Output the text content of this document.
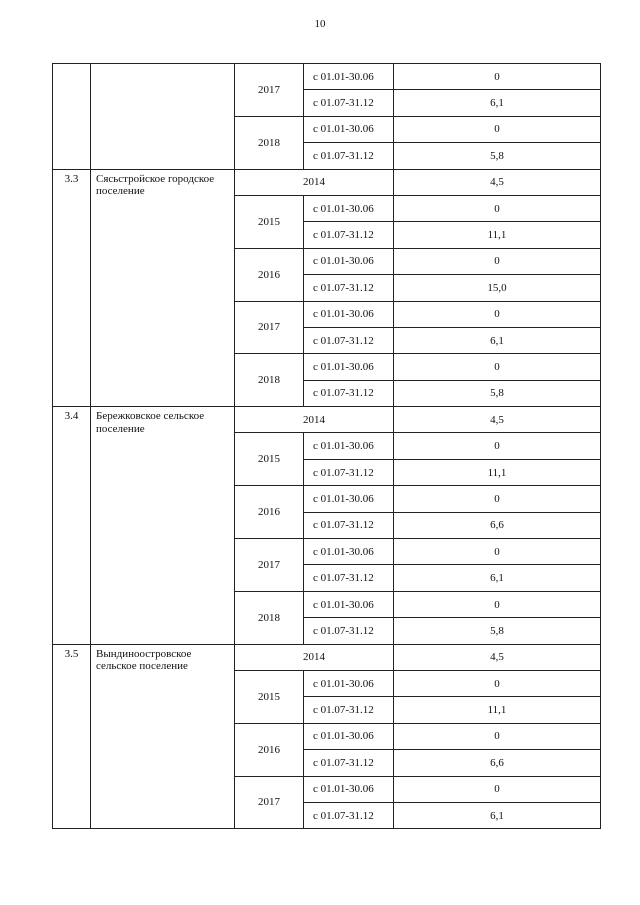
10
		2017	с 01.01-30.06	0
			с 01.07-31.12	6,1
		2018	с 01.01-30.06	0
			с 01.07-31.12	5,8
3.3	Сясьстройское городское поселение	2014		4,5
		2015	с 01.01-30.06	0
			с 01.07-31.12	11,1
		2016	с 01.01-30.06	0
			с 01.07-31.12	15,0
		2017	с 01.01-30.06	0
			с 01.07-31.12	6,1
		2018	с 01.01-30.06	0
			с 01.07-31.12	5,8
3.4	Бережковское сельское поселение	2014		4,5
		2015	с 01.01-30.06	0
			с 01.07-31.12	11,1
		2016	с 01.01-30.06	0
			с 01.07-31.12	6,6
		2017	с 01.01-30.06	0
			с 01.07-31.12	6,1
		2018	с 01.01-30.06	0
			с 01.07-31.12	5,8
3.5	Вындиноостровское сельское поселение	2014		4,5
		2015	с 01.01-30.06	0
			с 01.07-31.12	11,1
		2016	с 01.01-30.06	0
			с 01.07-31.12	6,6
		2017	с 01.01-30.06	0
			с 01.07-31.12	6,1
